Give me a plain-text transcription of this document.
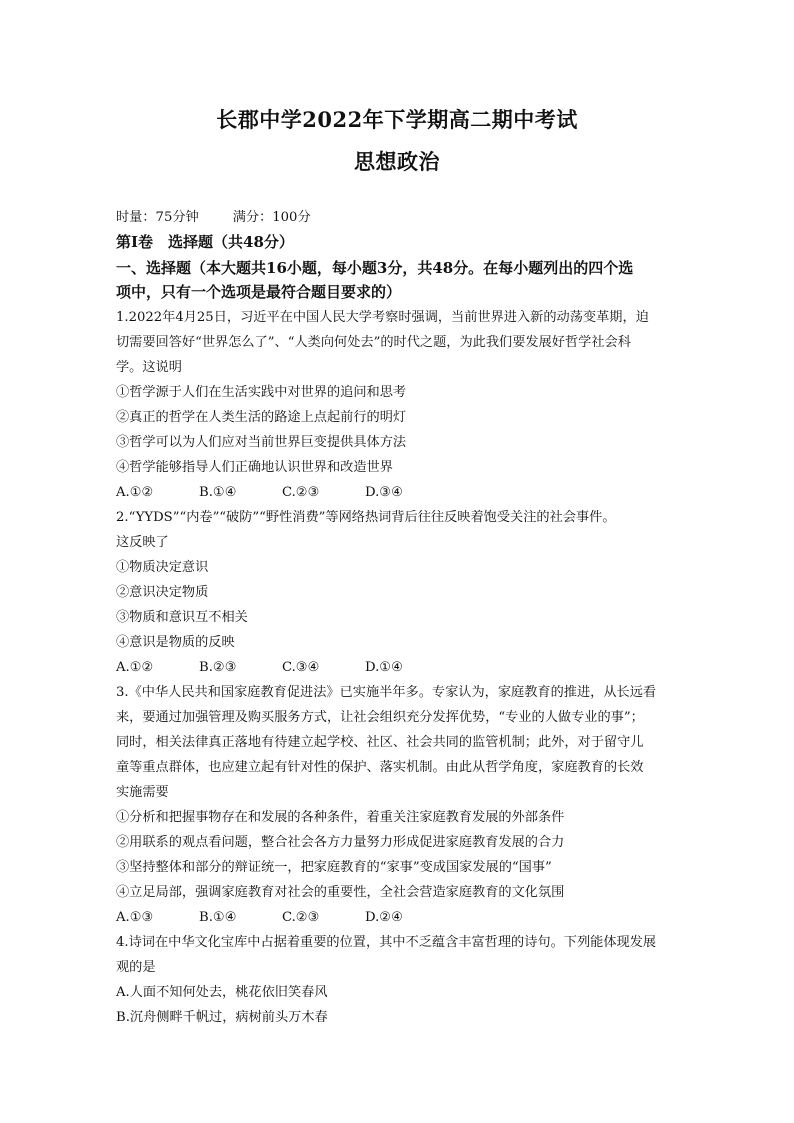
长郡中学2022年下学期高二期中考试
思想政治
时量：75分钟	满分：100分
第Ⅰ卷　选择题（共48分）
一、选择题（本大题共16小题，每小题3分，共48分。在每小题列出的四个选
项中，只有一个选项是最符合题目要求的）
1.2022年4月25日，习近平在中国人民大学考察时强调，当前世界进入新的动荡变革期，迫
切需要回答好“世界怎么了”、“人类向何处去”的时代之题，为此我们要发展好哲学社会科
学。这说明
①哲学源于人们在生活实践中对世界的追问和思考
②真正的哲学在人类生活的路途上点起前行的明灯
③哲学可以为人们应对当前世界巨变提供具体方法
④哲学能够指导人们正确地认识世界和改造世界
A.①②	B.①④	C.②③	D.③④
2.“YYDS”“内卷”“破防”“野性消费”等网络热词背后往往反映着饱受关注的社会事件。
这反映了
①物质决定意识
②意识决定物质
③物质和意识互不相关
④意识是物质的反映
A.①②	B.②③	C.③④	D.①④
3.《中华人民共和国家庭教育促进法》已实施半年多。专家认为，家庭教育的推进，从长远看
来，要通过加强管理及购买服务方式，让社会组织充分发挥优势，“专业的人做专业的事”；
同时，相关法律真正落地有待建立起学校、社区、社会共同的监管机制；此外，对于留守儿
童等重点群体，也应建立起有针对性的保护、落实机制。由此从哲学角度，家庭教育的长效
实施需要
①分析和把握事物存在和发展的各种条件，着重关注家庭教育发展的外部条件
②用联系的观点看问题，整合社会各方力量努力形成促进家庭教育发展的合力
③坚持整体和部分的辩证统一，把家庭教育的“家事”变成国家发展的“国事”
④立足局部，强调家庭教育对社会的重要性，全社会营造家庭教育的文化氛围
A.①③	B.①④	C.②③	D.②④
4.诗词在中华文化宝库中占据着重要的位置，其中不乏蕴含丰富哲理的诗句。下列能体现发展
观的是
A.人面不知何处去，桃花依旧笑春风
B.沉舟侧畔千帆过，病树前头万木春
